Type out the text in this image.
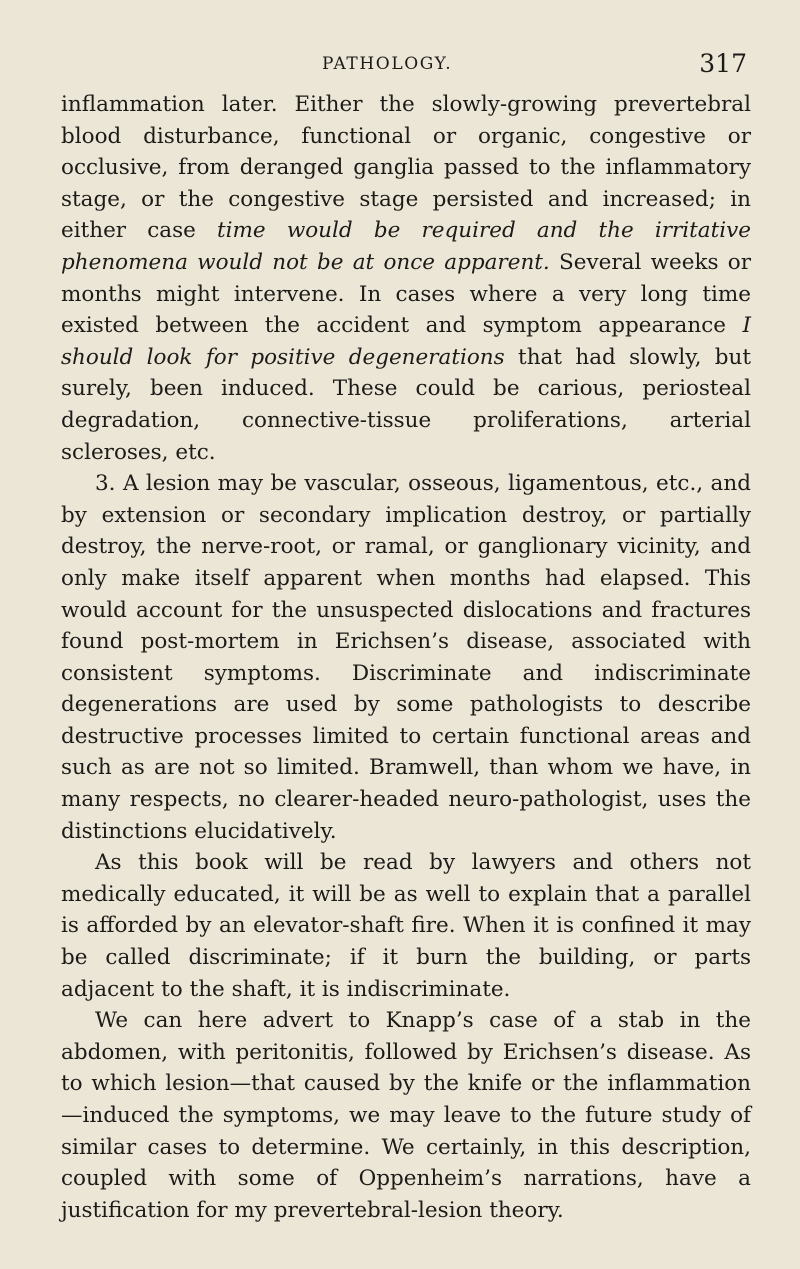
PATHOLOGY.	317

inflammation later. Either the slowly-growing prevertebral blood disturbance, functional or organic, congestive or occlusive, from deranged ganglia passed to the inflammatory stage, or the congestive stage persisted and increased; in either case time would be required and the irritative phenomena would not be at once apparent. Several weeks or months might intervene. In cases where a very long time existed between the accident and symptom appearance I should look for positive degenerations that had slowly, but surely, been induced. These could be carious, periosteal degradation, connective-tissue proliferations, arterial scleroses, etc.

3. A lesion may be vascular, osseous, ligamentous, etc., and by extension or secondary implication destroy, or partially destroy, the nerve-root, or ramal, or ganglionary vicinity, and only make itself apparent when months had elapsed. This would account for the unsuspected dislocations and fractures found post-mortem in Erichsen’s disease, associated with consistent symptoms. Discriminate and indiscriminate degenerations are used by some pathologists to describe destructive processes limited to certain functional areas and such as are not so limited. Bramwell, than whom we have, in many respects, no clearer-headed neuro-pathologist, uses the distinctions elucidatively.

As this book will be read by lawyers and others not medically educated, it will be as well to explain that a parallel is afforded by an elevator-shaft fire. When it is confined it may be called discriminate; if it burn the building, or parts adjacent to the shaft, it is indiscriminate.

We can here advert to Knapp’s case of a stab in the abdomen, with peritonitis, followed by Erichsen’s disease. As to which lesion—that caused by the knife or the inflammation—induced the symptoms, we may leave to the future study of similar cases to determine. We certainly, in this description, coupled with some of Oppenheim’s narrations, have a justification for my prevertebral-lesion theory.
